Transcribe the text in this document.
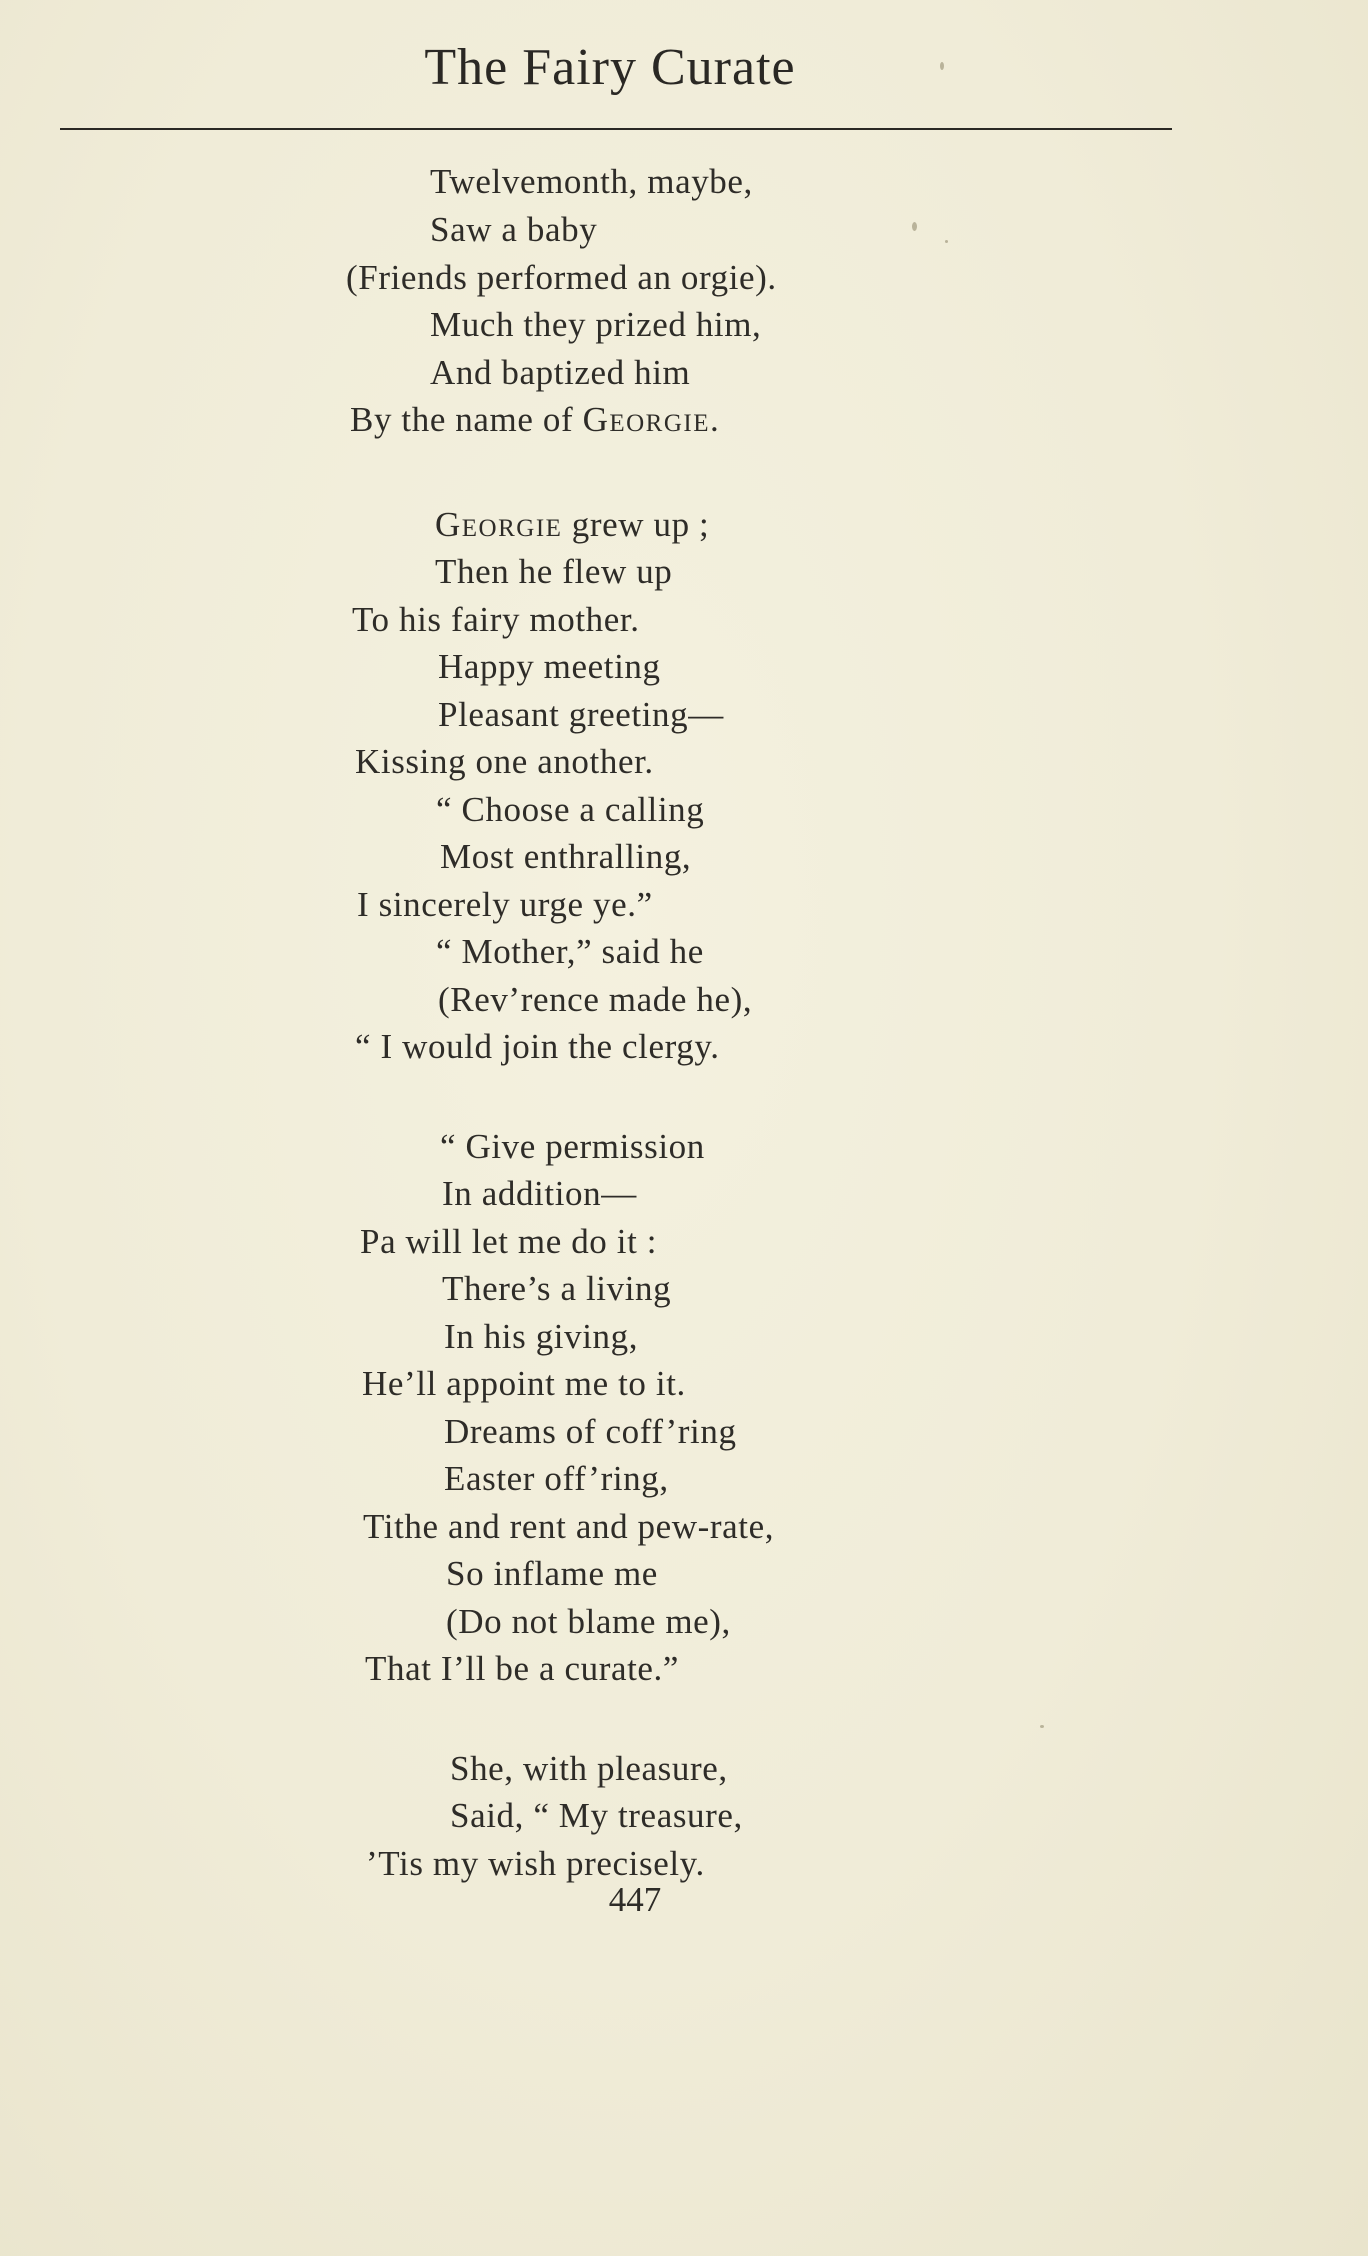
The Fairy Curate
Twelvemonth, maybe,
Saw a baby
(Friends performed an orgie).
Much they prized him,
And baptized him
By the name of Georgie.
Georgie grew up ;
Then he flew up
To his fairy mother.
Happy meeting
Pleasant greeting—
Kissing one another.
“ Choose a calling
Most enthralling,
I sincerely urge ye.”
“ Mother,” said he
(Rev’rence made he),
“ I would join the clergy.
“ Give permission
In addition—
Pa will let me do it :
There’s a living
In his giving,
He’ll appoint me to it.
Dreams of coff’ring
Easter off’ring,
Tithe and rent and pew-rate,
So inflame me
(Do not blame me),
That I’ll be a curate.”
She, with pleasure,
Said, “ My treasure,
’Tis my wish precisely.
447
